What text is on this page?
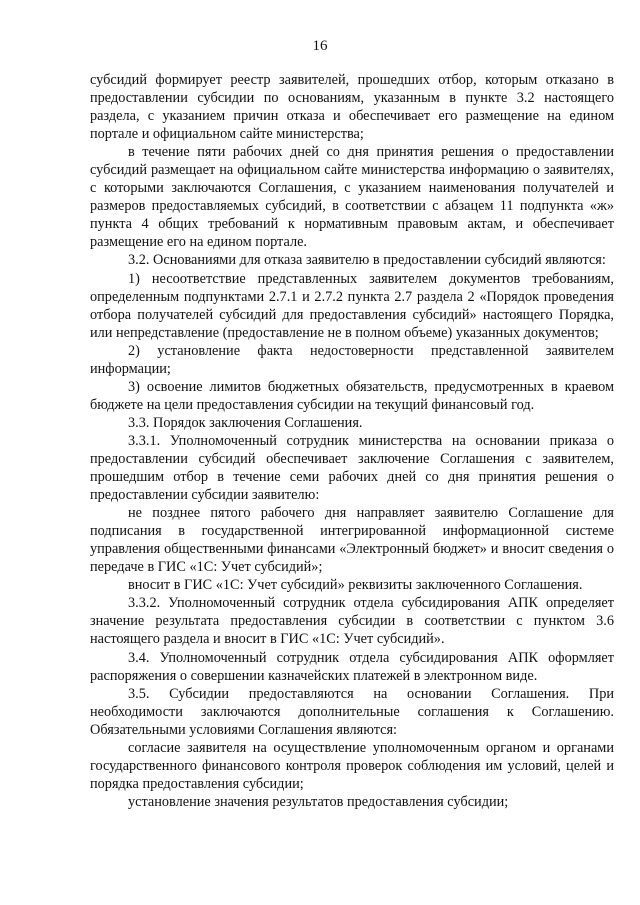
16

субсидий формирует реестр заявителей, прошедших отбор, которым отказано в предоставлении субсидии по основаниям, указанным в пункте 3.2 настоящего раздела, с указанием причин отказа и обеспечивает его размещение на едином портале и официальном сайте министерства;

в течение пяти рабочих дней со дня принятия решения о предоставлении субсидий размещает на официальном сайте министерства информацию о заявителях, с которыми заключаются Соглашения, с указанием наименования получателей и размеров предоставляемых субсидий, в соответствии с абзацем 11 подпункта «ж» пункта 4 общих требований к нормативным правовым актам, и обеспечивает размещение его на едином портале.

3.2. Основаниями для отказа заявителю в предоставлении субсидий являются:

1) несоответствие представленных заявителем документов требованиям, определенным подпунктами 2.7.1 и 2.7.2 пункта 2.7 раздела 2 «Порядок проведения отбора получателей субсидий для предоставления субсидий» настоящего Порядка, или непредставление (предоставление не в полном объеме) указанных документов;

2) установление факта недостоверности представленной заявителем информации;

3) освоение лимитов бюджетных обязательств, предусмотренных в краевом бюджете на цели предоставления субсидии на текущий финансовый год.

3.3. Порядок заключения Соглашения.

3.3.1. Уполномоченный сотрудник министерства на основании приказа о предоставлении субсидий обеспечивает заключение Соглашения с заявителем, прошедшим отбор в течение семи рабочих дней со дня принятия решения о предоставлении субсидии заявителю:

не позднее пятого рабочего дня направляет заявителю Соглашение для подписания в государственной интегрированной информационной системе управления общественными финансами «Электронный бюджет» и вносит сведения о передаче в ГИС «1С: Учет субсидий»;

вносит в ГИС «1С: Учет субсидий» реквизиты заключенного Соглашения.

3.3.2. Уполномоченный сотрудник отдела субсидирования АПК определяет значение результата предоставления субсидии в соответствии с пунктом 3.6 настоящего раздела и вносит в ГИС «1С: Учет субсидий».

3.4. Уполномоченный сотрудник отдела субсидирования АПК оформляет распоряжения о совершении казначейских платежей в электронном виде.

3.5. Субсидии предоставляются на основании Соглашения. При необходимости заключаются дополнительные соглашения к Соглашению. Обязательными условиями Соглашения являются:

согласие заявителя на осуществление уполномоченным органом и органами государственного финансового контроля проверок соблюдения им условий, целей и порядка предоставления субсидии;

установление значения результатов предоставления субсидии;
